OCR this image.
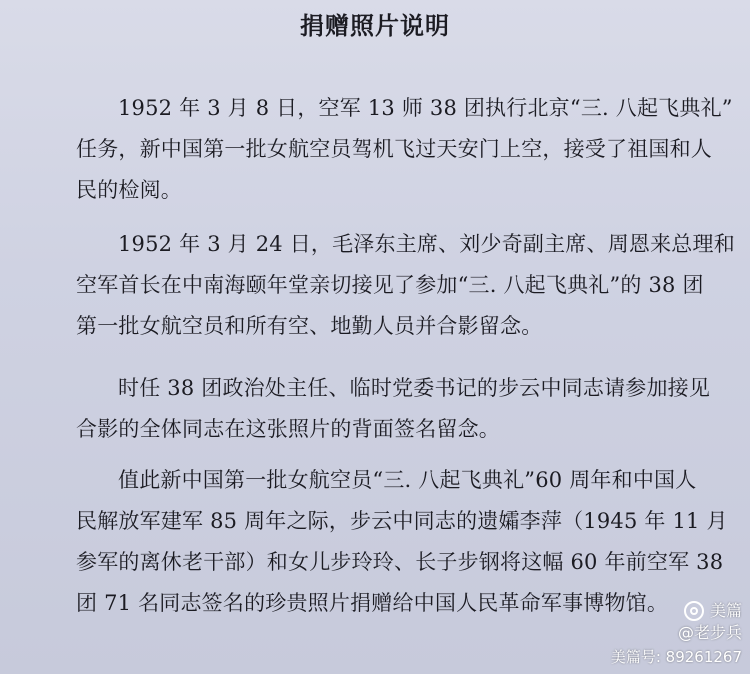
捐赠照片说明

1952 年 3 月 8 日，空军 13 师 38 团执行北京“三. 八起飞典礼”
任务，新中国第一批女航空员驾机飞过天安门上空，接受了祖国和人
民的检阅。

1952 年 3 月 24 日，毛泽东主席、刘少奇副主席、周恩来总理和
空军首长在中南海颐年堂亲切接见了参加“三. 八起飞典礼”的 38 团
第一批女航空员和所有空、地勤人员并合影留念。

时任 38 团政治处主任、临时党委书记的步云中同志请参加接见
合影的全体同志在这张照片的背面签名留念。

值此新中国第一批女航空员“三. 八起飞典礼”60 周年和中国人
民解放军建军 85 周年之际，步云中同志的遗孀李萍（1945 年 11 月
参军的离休老干部）和女儿步玲玲、长子步钢将这幅 60 年前空军 38
团 71 名同志签名的珍贵照片捐赠给中国人民革命军事博物馆。	美篇
@老步兵
美篇号: 89261267
